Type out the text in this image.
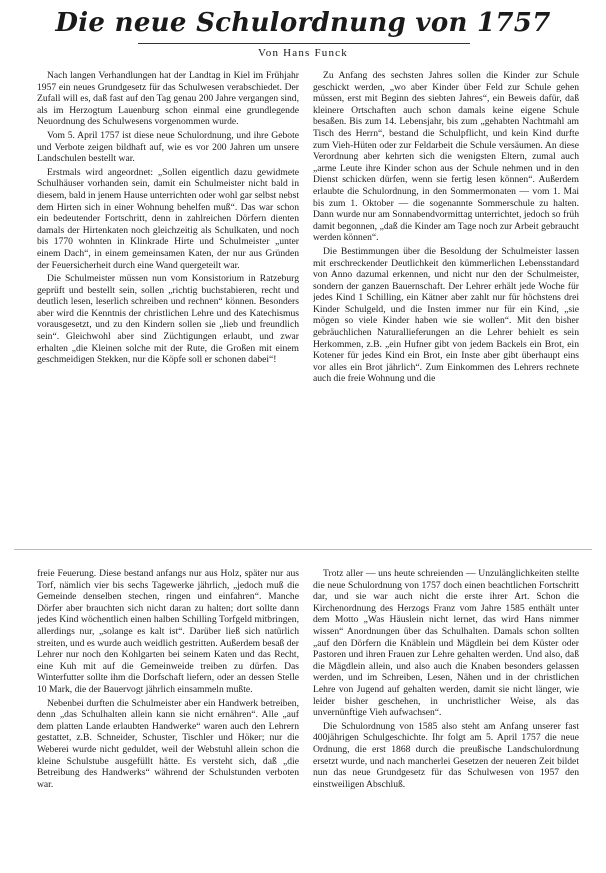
Die neue Schulordnung von 1757
Von Hans Funck

Nach langen Verhandlungen hat der Landtag in Kiel im Frühjahr 1957 ein neues Grundgesetz für das Schulwesen verabschiedet. Der Zufall will es, daß fast auf den Tag genau 200 Jahre vergangen sind, als im Herzogtum Lauenburg schon einmal eine grundlegende Neuordnung des Schulwesens vorgenommen wurde.

Vom 5. April 1757 ist diese neue Schulordnung, und ihre Gebote und Verbote zeigen bildhaft auf, wie es vor 200 Jahren um unsere Landschulen bestellt war.

Erstmals wird angeordnet: „Sollen eigentlich dazu gewidmete Schulhäuser vorhanden sein, damit ein Schulmeister nicht bald in diesem, bald in jenem Hause unterrichten oder wohl gar selbst nebst dem Hirten sich in einer Wohnung behelfen muß“. Das war schon ein bedeutender Fortschritt, denn in zahlreichen Dörfern dienten damals der Hirtenkaten noch gleichzeitig als Schulkaten, und noch bis 1770 wohnten in Klinkrade Hirte und Schulmeister „unter einem Dach“, in einem gemeinsamen Katen, der nur aus Gründen der Feuersicherheit durch eine Wand quergeteilt war.

Die Schulmeister müssen nun vom Konsistorium in Ratzeburg geprüft und bestellt sein, sollen „richtig buchstabieren, recht und deutlich lesen, leserlich schreiben und rechnen“ können. Besonders aber wird die Kenntnis der christlichen Lehre und des Katechismus vorausgesetzt, und zu den Kindern sollen sie „lieb und freundlich sein“. Gleichwohl aber sind Züchtigungen erlaubt, und zwar erhalten „die Kleinen solche mit der Rute, die Großen mit einem geschmeidigen Stekken, nur die Köpfe soll er schonen dabei“!

Zu Anfang des sechsten Jahres sollen die Kinder zur Schule geschickt werden, „wo aber Kinder über Feld zur Schule gehen müssen, erst mit Beginn des siebten Jahres“, ein Beweis dafür, daß kleinere Ortschaften auch schon damals keine eigene Schule besaßen. Bis zum 14. Lebensjahr, bis zum „gehabten Nachtmahl am Tisch des Herrn“, bestand die Schulpflicht, und kein Kind durfte zum Vieh-Hüten oder zur Feldarbeit die Schule versäumen. An diese Verordnung aber kehrten sich die wenigsten Eltern, zumal auch „arme Leute ihre Kinder schon aus der Schule nehmen und in den Dienst schicken dürfen, wenn sie fertig lesen können“. Außerdem erlaubte die Schulordnung, in den Sommermonaten — vom 1. Mai bis zum 1. Oktober — die sogenannte Sommerschule zu halten. Dann wurde nur am Sonnabendvormittag unterrichtet, jedoch so früh damit begonnen, „daß die Kinder am Tage noch zur Arbeit gebraucht werden können“.

Die Bestimmungen über die Besoldung der Schulmeister lassen mit erschreckender Deutlichkeit den kümmerlichen Lebensstandard von Anno dazumal erkennen, und nicht nur den der Schulmeister, sondern der ganzen Bauernschaft. Der Lehrer erhält jede Woche für jedes Kind 1 Schilling, ein Kätner aber zahlt nur für höchstens drei Kinder Schulgeld, und die Insten immer nur für ein Kind, „sie mögen so viele Kinder haben wie sie wollen“. Mit den bisher gebräuchlichen Naturallieferungen an die Lehrer behielt es sein Herkommen, z.B. „ein Hufner gibt von jedem Backels ein Brot, ein Kotener für jedes Kind ein Brot, ein Inste aber gibt überhaupt eins vor alles ein Brot jährlich“. Zum Einkommen des Lehrers rechnete auch die freie Wohnung und die

freie Feuerung. Diese bestand anfangs nur aus Holz, später nur aus Torf, nämlich vier bis sechs Tagewerke jährlich, „jedoch muß die Gemeinde denselben stechen, ringen und einfahren“. Manche Dörfer aber brauchten sich nicht daran zu halten; dort sollte dann jedes Kind wöchentlich einen halben Schilling Torfgeld mitbringen, allerdings nur, „solange es kalt ist“. Darüber ließ sich natürlich streiten, und es wurde auch weidlich gestritten. Außerdem besaß der Lehrer nur noch den Kohlgarten bei seinem Katen und das Recht, eine Kuh mit auf die Gemeinweide treiben zu dürfen. Das Winterfutter sollte ihm die Dorfschaft liefern, oder an dessen Stelle 10 Mark, die der Bauervogt jährlich einsammeln mußte.

Nebenbei durften die Schulmeister aber ein Handwerk betreiben, denn „das Schulhalten allein kann sie nicht ernähren“. Alle „auf dem platten Lande erlaubten Handwerke“ waren auch den Lehrern gestattet, z.B. Schneider, Schuster, Tischler und Höker; nur die Weberei wurde nicht geduldet, weil der Webstuhl allein schon die kleine Schulstube ausgefüllt hätte. Es versteht sich, daß „die Betreibung des Handwerks“ während der Schulstunden verboten war.

Trotz aller — uns heute schreienden — Unzulänglichkeiten stellte die neue Schulordnung von 1757 doch einen beachtlichen Fortschritt dar, und sie war auch nicht die erste ihrer Art. Schon die Kirchenordnung des Herzogs Franz vom Jahre 1585 enthält unter dem Motto „Was Häuslein nicht lernet, das wird Hans nimmer wissen“ Anordnungen über das Schulhalten. Damals schon sollten „auf den Dörfern die Knäblein und Mägdlein bei dem Küster oder Pastoren und ihren Frauen zur Lehre gehalten werden. Und also, daß die Mägdlein allein, und also auch die Knaben besonders gelassen werden, und im Schreiben, Lesen, Nähen und in der christlichen Lehre von Jugend auf gehalten werden, damit sie nicht länger, wie leider bisher geschehen, in unchristlicher Weise, als das unvernünftige Vieh aufwachsen“.

Die Schulordnung von 1585 also steht am Anfang unserer fast 400jährigen Schulgeschichte. Ihr folgt am 5. April 1757 die neue Ordnung, die erst 1868 durch die preußische Landschulordnung ersetzt wurde, und nach mancherlei Gesetzen der neueren Zeit bildet nun das neue Grundgesetz für das Schulwesen von 1957 den einstweiligen Abschluß.
